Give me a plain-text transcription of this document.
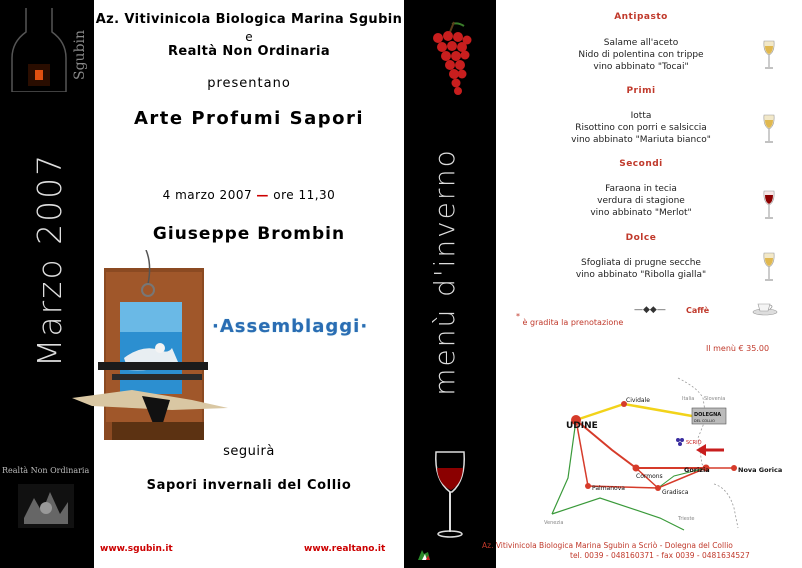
Sgubin
Marzo 2007
Realtà Non Ordinaria
Az. Vitivinicola Biologica Marina Sgubin
e
Realtà Non Ordinaria
presentano
Arte Profumi Sapori
4 marzo 2007 — ore 11,30
Giuseppe Brombin
·Assemblaggi·
seguirà
Sapori invernali del Collio
www.sgubin.it	www.realtano.it
menù d'inverno
Antipasto
Salame all'aceto
Nido di polentina con trippe
vino abbinato "Tocai"
Primi
Iotta
Risottino con porri e salsiccia
vino abbinato "Mariuta bianco"
Secondi
Faraona in tecia
verdura di stagione
vino abbinato "Merlot"
Dolce
Sfogliata di prugne secche
vino abbinato "Ribolla gialla"
—◆◆—	Caffè
* è gradita la prenotazione
Il menù € 35.00
UDINE
Cividale
DOLEGNA
DEL COLLIO
SCRIÒ
Cormons
Gorizia	Nova Gorica
Gradisca
Palmanova
Venezia
Trieste
Italia Slovenia
Az. Vitivinicola Biologica Marina Sgubin a Scriò - Dolegna del Collio
tel. 0039 - 048160371 - fax 0039 - 0481634527
